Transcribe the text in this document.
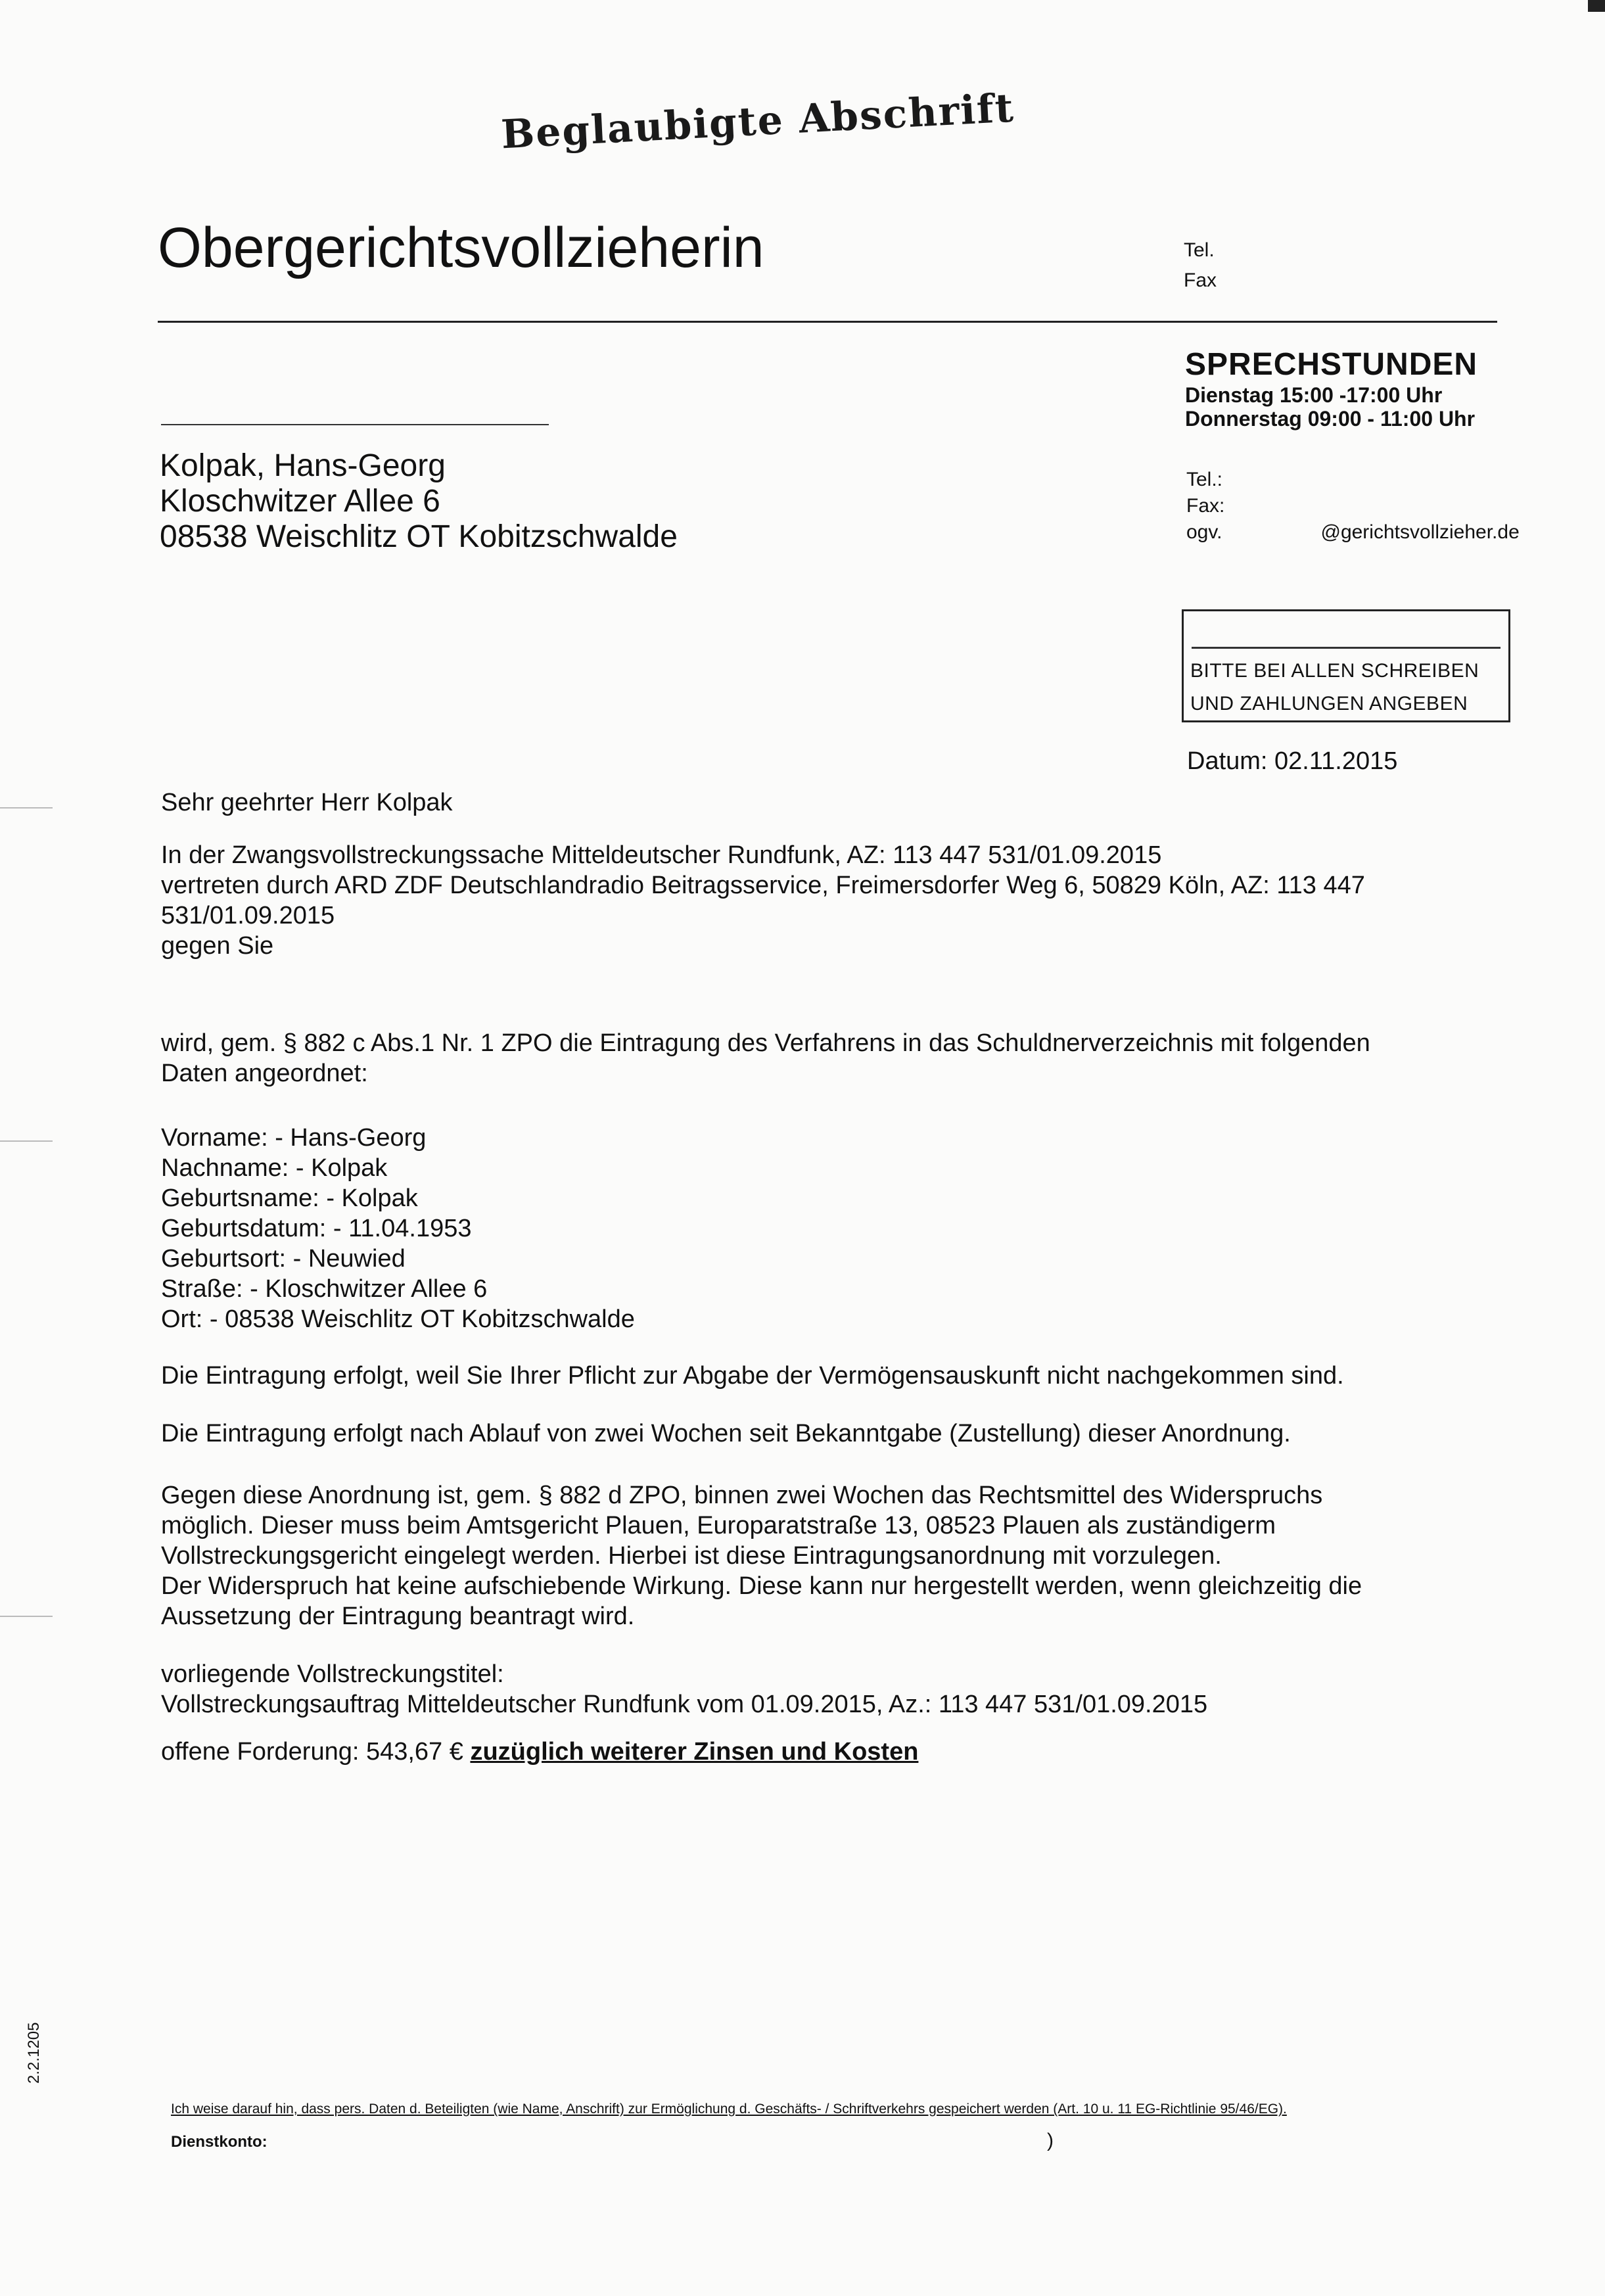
Beglaubigte Abschrift
Obergerichtsvollzieherin	Tel.
Fax
SPRECHSTUNDEN
Dienstag 15:00 -17:00 Uhr
Donnerstag 09:00 - 11:00 Uhr
Kolpak, Hans-Georg
Kloschwitzer Allee 6
08538 Weischlitz OT Kobitzschwalde
Tel.:
Fax:
ogv.	@gerichtsvollzieher.de
BITTE BEI ALLEN SCHREIBEN
UND ZAHLUNGEN ANGEBEN
Datum: 02.11.2015
Sehr geehrter Herr Kolpak
In der Zwangsvollstreckungssache Mitteldeutscher Rundfunk, AZ: 113 447 531/01.09.2015
vertreten durch ARD ZDF Deutschlandradio Beitragsservice, Freimersdorfer Weg 6, 50829 Köln, AZ: 113 447
531/01.09.2015
gegen Sie
wird, gem. § 882 c Abs.1 Nr. 1 ZPO die Eintragung des Verfahrens in das Schuldnerverzeichnis mit folgenden
Daten angeordnet:
Vorname: - Hans-Georg
Nachname: - Kolpak
Geburtsname: - Kolpak
Geburtsdatum: - 11.04.1953
Geburtsort: - Neuwied
Straße: - Kloschwitzer Allee 6
Ort: - 08538 Weischlitz OT Kobitzschwalde
Die Eintragung erfolgt, weil Sie Ihrer Pflicht zur Abgabe der Vermögensauskunft nicht nachgekommen sind.
Die Eintragung erfolgt nach Ablauf von zwei Wochen seit Bekanntgabe (Zustellung) dieser Anordnung.
Gegen diese Anordnung ist, gem. § 882 d ZPO, binnen zwei Wochen das Rechtsmittel des Widerspruchs
möglich. Dieser muss beim Amtsgericht Plauen, Europaratstraße 13, 08523 Plauen als zuständigerm
Vollstreckungsgericht eingelegt werden. Hierbei ist diese Eintragungsanordnung mit vorzulegen.
Der Widerspruch hat keine aufschiebende Wirkung. Diese kann nur hergestellt werden, wenn gleichzeitig die
Aussetzung der Eintragung beantragt wird.
vorliegende Vollstreckungstitel:
Vollstreckungsauftrag Mitteldeutscher Rundfunk vom 01.09.2015, Az.: 113 447 531/01.09.2015
offene Forderung: 543,67 € zuzüglich weiterer Zinsen und Kosten
Ich weise darauf hin, dass pers. Daten d. Beteiligten (wie Name, Anschrift) zur Ermöglichung d. Geschäfts- / Schriftverkehrs gespeichert werden (Art. 10 u. 11 EG-Richtlinie 95/46/EG).
Dienstkonto:	)
2.2.1205
